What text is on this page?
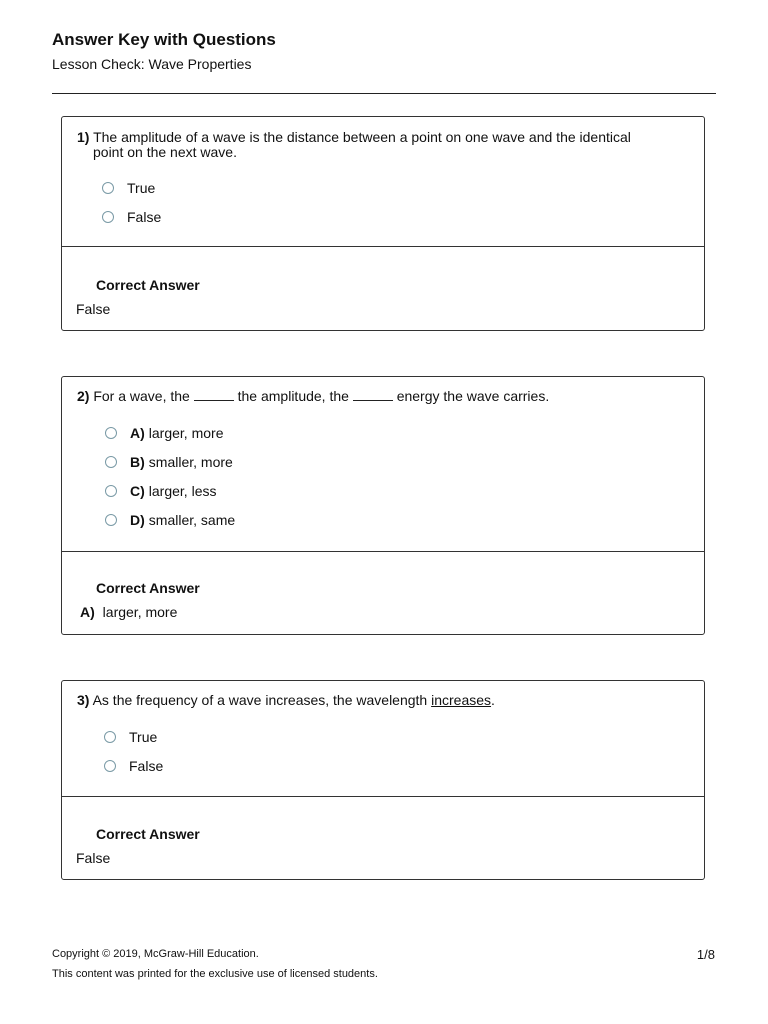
Answer Key with Questions
Lesson Check: Wave Properties
1) The amplitude of a wave is the distance between a point on one wave and the identical
point on the next wave.
True
False
Correct Answer
False
2) For a wave, the	the amplitude, the	energy the wave carries.
A) larger, more
B) smaller, more
C) larger, less
D) smaller, same
Correct Answer
A) larger, more
3) As the frequency of a wave increases, the wavelength increases.
True
False
Correct Answer
False
Copyright © 2019, McGraw-Hill Education.
This content was printed for the exclusive use of licensed students.
1/8
